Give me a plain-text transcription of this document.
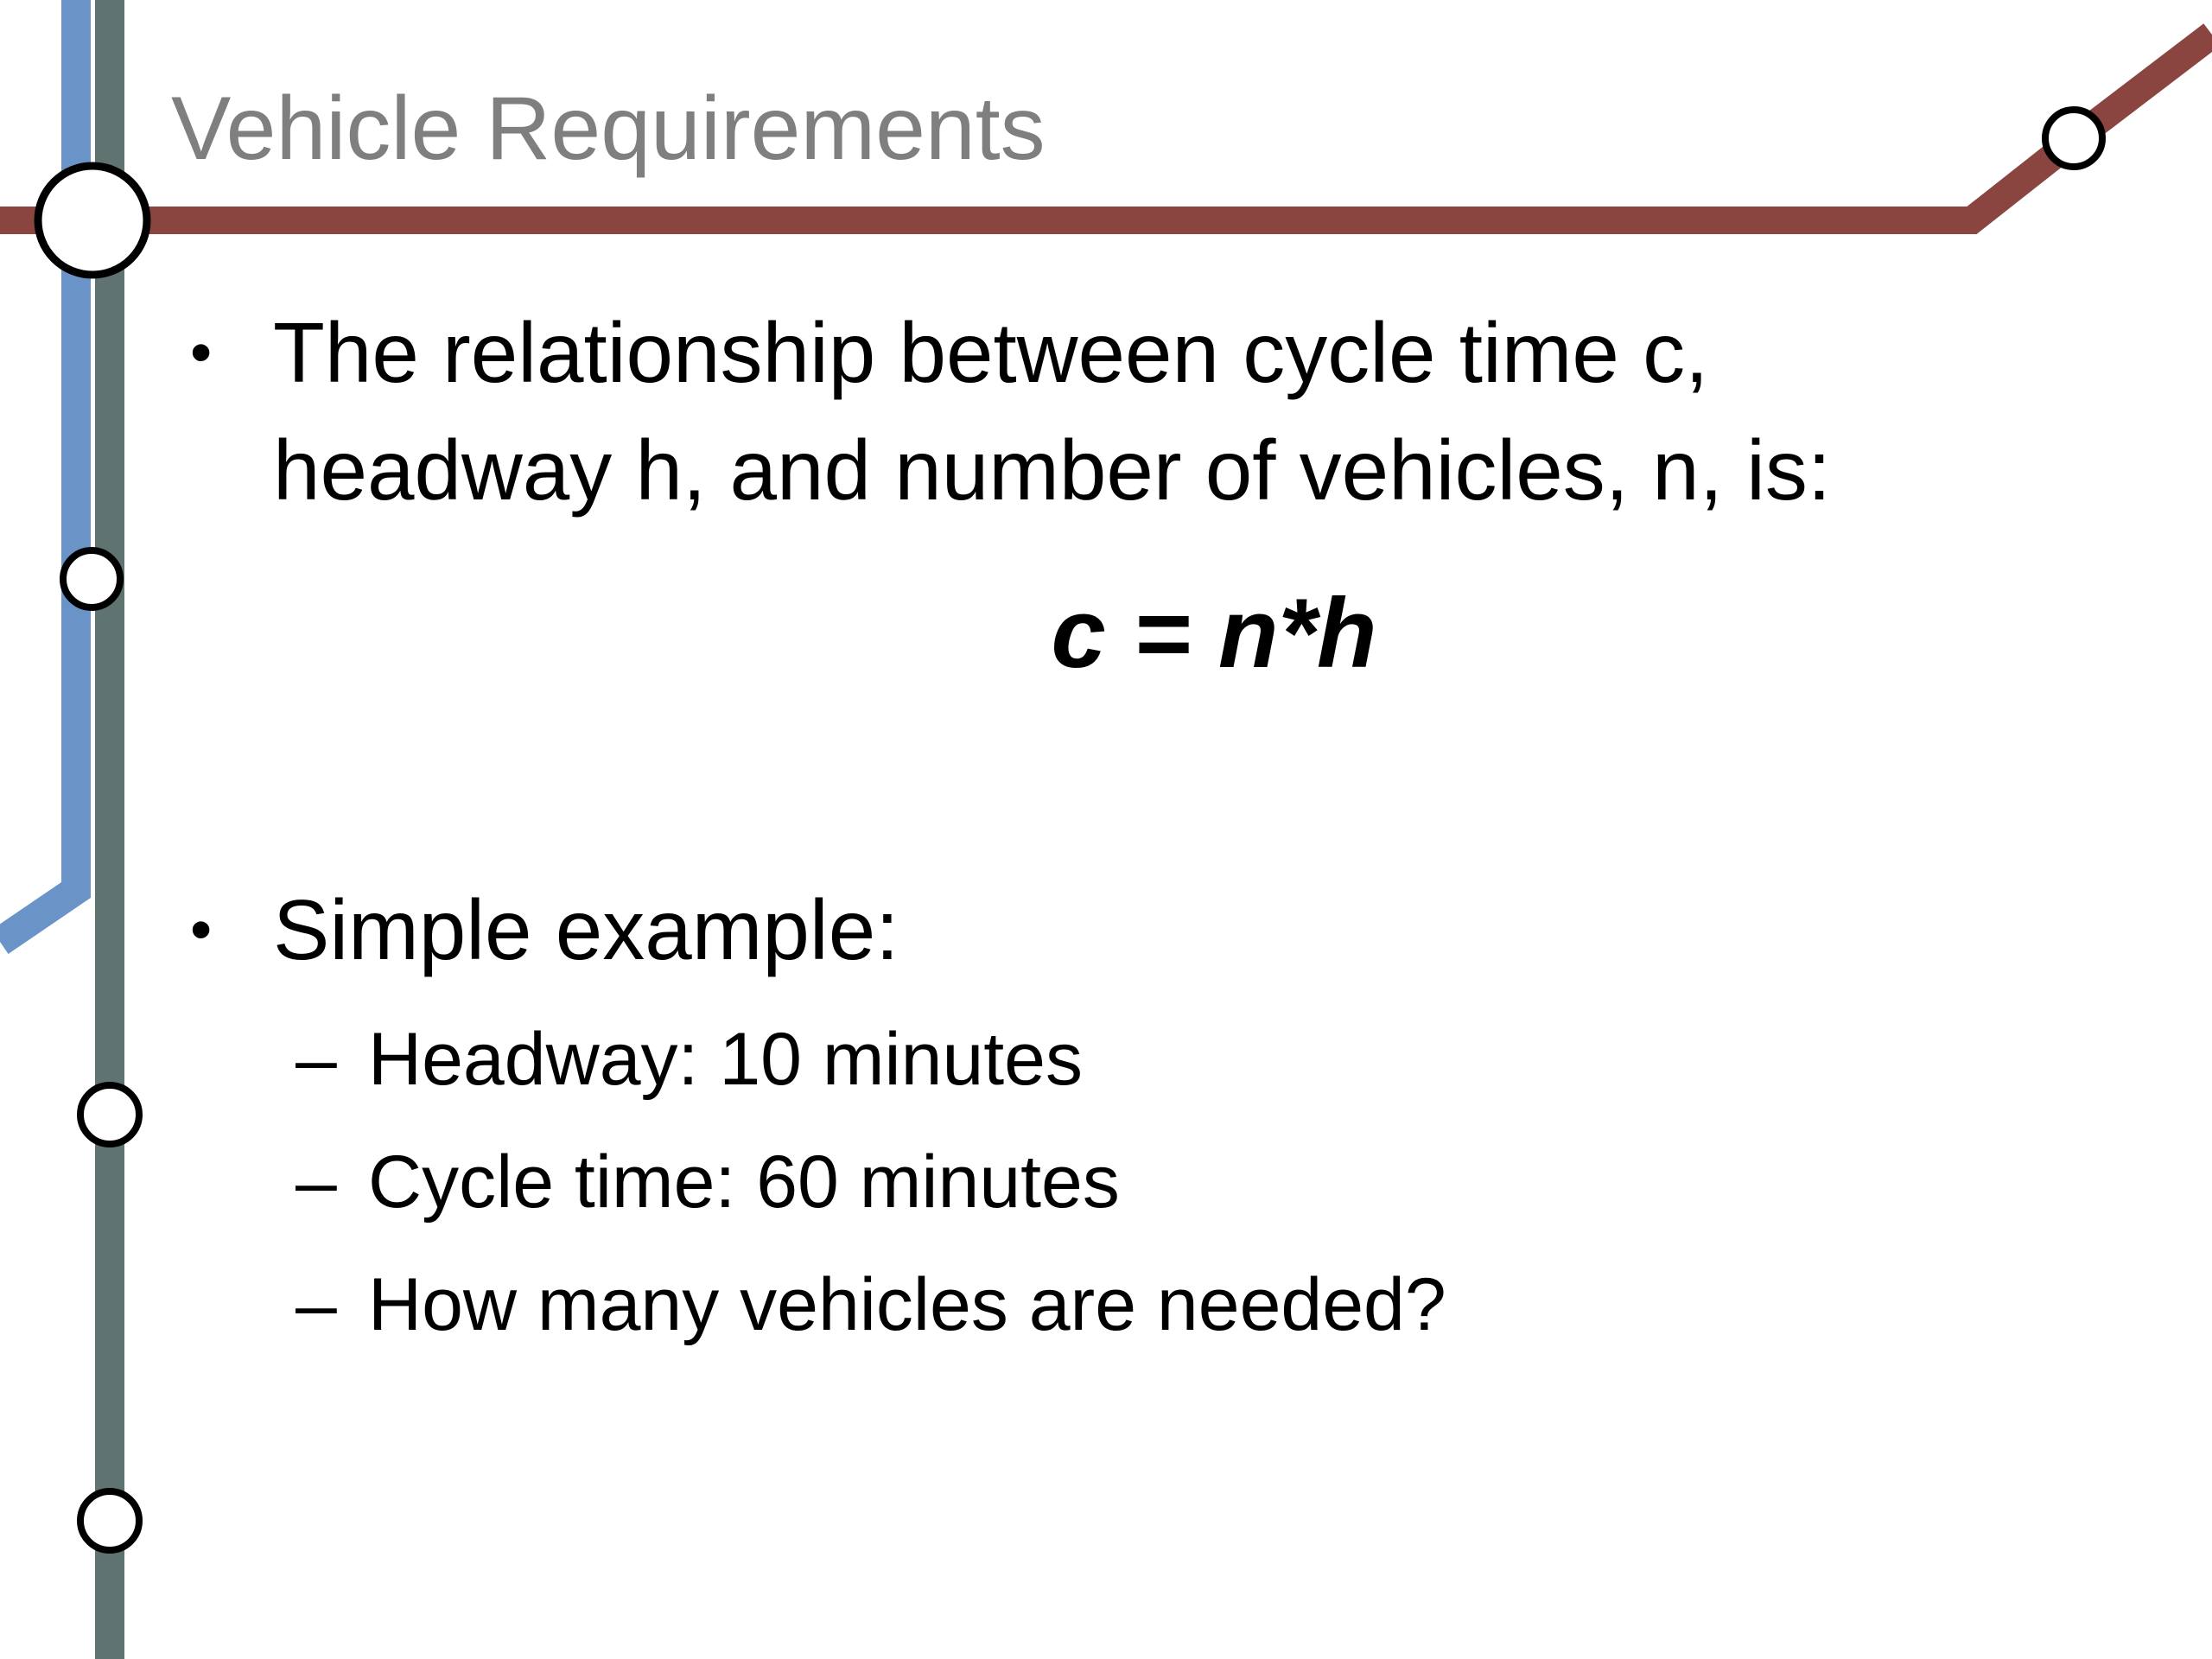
Vehicle Requirements
• The relationship between cycle time c,
headway h, and number of vehicles, n, is:
c = n*h
• Simple example:
– Headway: 10 minutes
– Cycle time: 60 minutes
– How many vehicles are needed?
